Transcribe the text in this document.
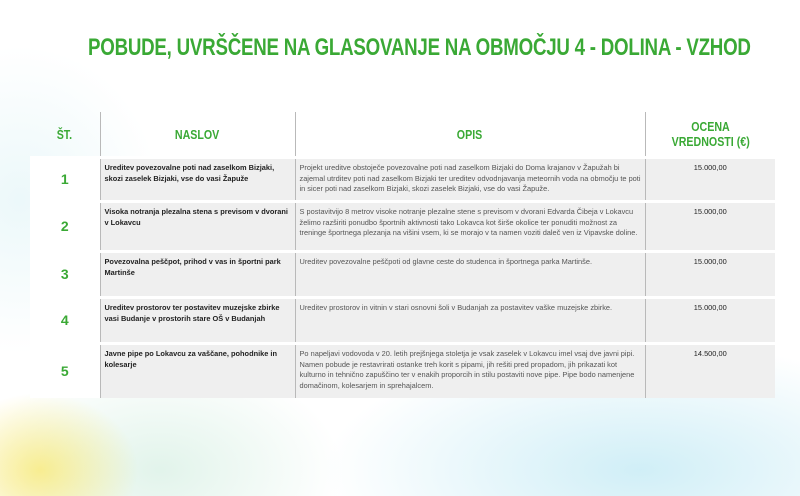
POBUDE, UVRŠČENE NA GLASOVANJE NA OBMOČJU 4 - DOLINA - VZHOD
ŠT.	NASLOV	OPIS	OCENA
VREDNOSTI (€)
1	Ureditev povezovalne poti nad zaselkom Bizjaki, skozi zaselek Bizjaki, vse do vasi Žapuže	Projekt ureditve obstoječe povezovalne poti nad zaselkom Bizjaki do Doma krajanov v Žapužah bi zajemal utrditev poti nad zaselkom Bizjaki ter ureditev odvodnjavanja meteornih voda na območju te poti in sicer poti nad zaselkom Bizjaki, skozi zaselek Bizjaki, vse do vasi Žapuže.	15.000,00
2	Visoka notranja plezalna stena s previsom v dvorani v Lokavcu	S postavitvijo 8 metrov visoke notranje plezalne stene s previsom v dvorani Edvarda Čibeja v Lokavcu želimo razširiti ponudbo športnih aktivnosti tako Lokavca kot širše okolice ter ponuditi možnost za treninge športnega plezanja na višini vsem, ki se morajo v ta namen voziti daleč ven iz Vipavske doline.	15.000,00
3	Povezovalna peščpot, prihod v vas in športni park Martinše	Ureditev povezovalne peščpoti od glavne ceste do studenca in športnega parka Martinše.	15.000,00
4	Ureditev prostorov ter postavitev muzejske zbirke vasi Budanje v prostorih stare OŠ v Budanjah	Ureditev prostorov in vitnin v stari osnovni šoli v Budanjah za postavitev vaške muzejske zbirke.	15.000,00
5	Javne pipe po Lokavcu za vaščane, pohodnike in kolesarje	Po napeljavi vodovoda v 20. letih prejšnjega stoletja je vsak zaselek v Lokavcu imel vsaj dve javni pipi. Namen pobude je restavrirati ostanke treh korit s pipami, jih rešiti pred propadom, jih prikazati kot kulturno in tehnično zapuščino ter v enakih proporcih in stilu postaviti nove pipe. Pipe bodo namenjene domačinom, kolesarjem in sprehajalcem.	14.500,00
